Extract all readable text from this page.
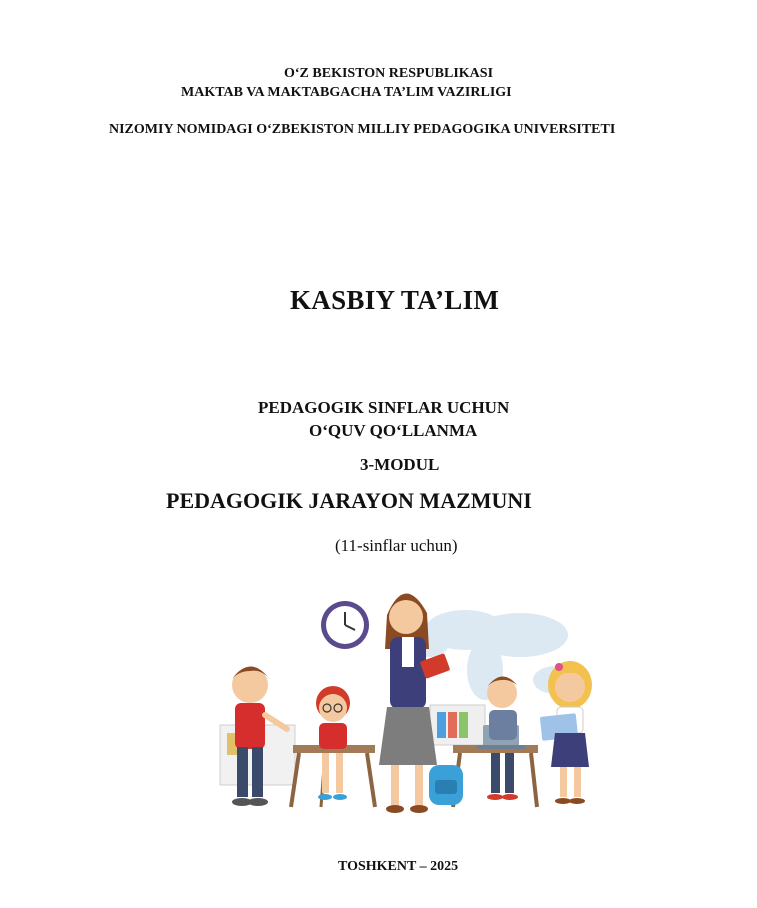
O‘Z BEKISTON RESPUBLIKASI
MAKTAB VA MAKTABGACHA TA’LIM VAZIRLIGI
NIZOMIY NOMIDAGI O‘ZBEKISTON MILLIY PEDAGOGIKA UNIVERSITETI
KASBIY TA’LIM
PEDAGOGIK SINFLAR UCHUN
O‘QUV QO‘LLANMA
3-MODUL
PEDAGOGIK JARAYON MAZMUNI
(11-sinflar uchun)
TOSHKENT – 2025
